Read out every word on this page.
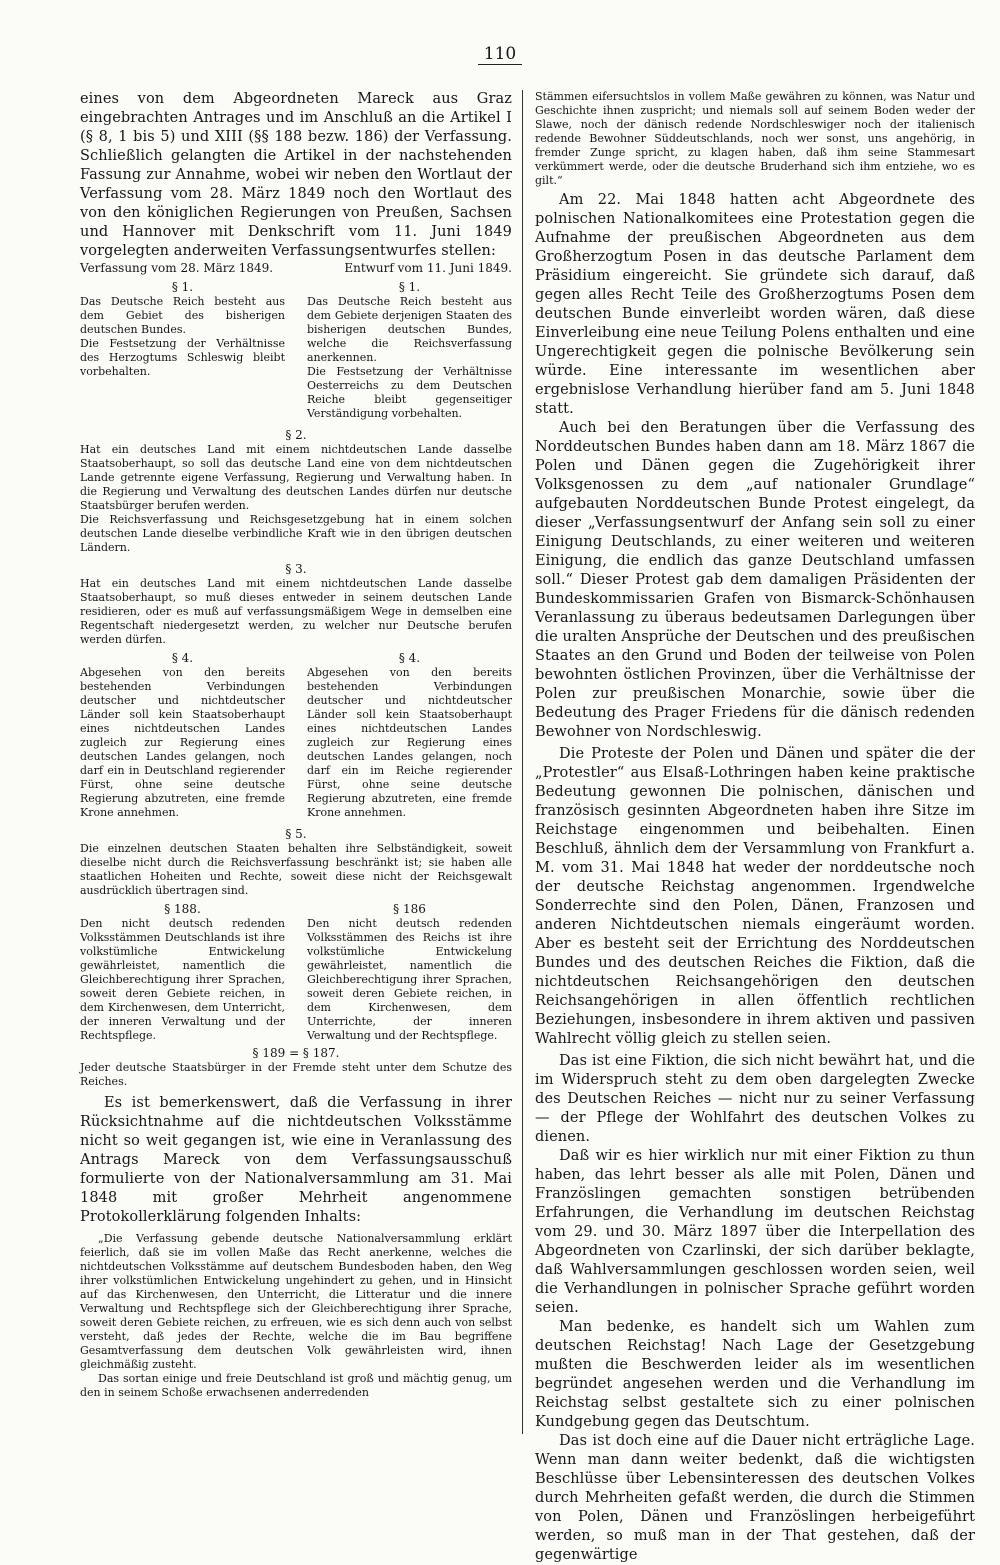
110

eines von dem Abgeordneten Mareck aus Graz eingebrachten Antrages und im Anschluß an die Artikel I (§ 8, 1 bis 5) und XIII (§§ 188 bezw. 186) der Verfassung. Schließlich gelangten die Artikel in der nachstehenden Fassung zur Annahme, wobei wir neben den Wortlaut der Verfassung vom 28. März 1849 noch den Wortlaut des von den königlichen Regierungen von Preußen, Sachsen und Hannover mit Denkschrift vom 11. Juni 1849 vorgelegten anderweiten Verfassungsentwurfes stellen:

Verfassung vom 28. März 1849.	Entwurf vom 11. Juni 1849.

§ 1.

Das Deutsche Reich besteht aus dem Gebiet des bisherigen deutschen Bundes.

Die Festsetzung der Verhältnisse des Herzogtums Schleswig bleibt vorbehalten.

§ 1.

Das Deutsche Reich besteht aus dem Gebiete derjenigen Staaten des bisherigen deutschen Bundes, welche die Reichsverfassung anerkennen.

Die Festsetzung der Verhältnisse Oesterreichs zu dem Deutschen Reiche bleibt gegenseitiger Verständigung vorbehalten.

§ 2.

Hat ein deutsches Land mit einem nichtdeutschen Lande dasselbe Staatsoberhaupt, so soll das deutsche Land eine von dem nichtdeutschen Lande getrennte eigene Verfassung, Regierung und Verwaltung haben. In die Regierung und Verwaltung des deutschen Landes dürfen nur deutsche Staatsbürger berufen werden.

Die Reichsverfassung und Reichsgesetzgebung hat in einem solchen deutschen Lande dieselbe verbindliche Kraft wie in den übrigen deutschen Ländern.

§ 3.

Hat ein deutsches Land mit einem nichtdeutschen Lande dasselbe Staatsoberhaupt, so muß dieses entweder in seinem deutschen Lande residieren, oder es muß auf verfassungsmäßigem Wege in demselben eine Regentschaft niedergesetzt werden, zu welcher nur Deutsche berufen werden dürfen.

§ 4.

Abgesehen von den bereits bestehenden Verbindungen deutscher und nichtdeutscher Länder soll kein Staatsoberhaupt eines nichtdeutschen Landes zugleich zur Regierung eines deutschen Landes gelangen, noch darf ein in Deutschland regierender Fürst, ohne seine deutsche Regierung abzutreten, eine fremde Krone annehmen.

§ 4.

Abgesehen von den bereits bestehenden Verbindungen deutscher und nichtdeutscher Länder soll kein Staatsoberhaupt eines nichtdeutschen Landes zugleich zur Regierung eines deutschen Landes gelangen, noch darf ein im Reiche regierender Fürst, ohne seine deutsche Regierung abzutreten, eine fremde Krone annehmen.

§ 5.

Die einzelnen deutschen Staaten behalten ihre Selbständigkeit, soweit dieselbe nicht durch die Reichsverfassung beschränkt ist; sie haben alle staatlichen Hoheiten und Rechte, soweit diese nicht der Reichsgewalt ausdrücklich übertragen sind.

§ 188.

Den nicht deutsch redenden Volksstämmen Deutschlands ist ihre volkstümliche Entwickelung gewährleistet, namentlich die Gleichberechtigung ihrer Sprachen, soweit deren Gebiete reichen, in dem Kirchenwesen, dem Unterricht, der inneren Verwaltung und der Rechtspflege.

§ 186

Den nicht deutsch redenden Volksstämmen des Reichs ist ihre volkstümliche Entwickelung gewährleistet, namentlich die Gleichberechtigung ihrer Sprachen, soweit deren Gebiete reichen, in dem Kirchenwesen, dem Unterrichte, der inneren Verwaltung und der Rechtspflege.

§ 189 = § 187.

Jeder deutsche Staatsbürger in der Fremde steht unter dem Schutze des Reiches.

Es ist bemerkenswert, daß die Verfassung in ihrer Rücksichtnahme auf die nichtdeutschen Volksstämme nicht so weit gegangen ist, wie eine in Veranlassung des Antrags Mareck von dem Verfassungsausschuß formulierte von der Nationalversammlung am 31. Mai 1848 mit großer Mehrheit angenommene Protokollerklärung folgenden Inhalts:

„Die Verfassung gebende deutsche Nationalversammlung erklärt feierlich, daß sie im vollen Maße das Recht anerkenne, welches die nichtdeutschen Volksstämme auf deutschem Bundesboden haben, den Weg ihrer volkstümlichen Entwickelung ungehindert zu gehen, und in Hinsicht auf das Kirchenwesen, den Unterricht, die Litteratur und die innere Verwaltung und Rechtspflege sich der Gleichberechtigung ihrer Sprache, soweit deren Gebiete reichen, zu erfreuen, wie es sich denn auch von selbst versteht, daß jedes der Rechte, welche die im Bau begriffene Gesamtverfassung dem deutschen Volk gewährleisten wird, ihnen gleichmäßig zusteht.

Das sortan einige und freie Deutschland ist groß und mächtig genug, um den in seinem Schoße erwachsenen anderredenden

Stämmen eifersuchtslos in vollem Maße gewähren zu können, was Natur und Geschichte ihnen zuspricht; und niemals soll auf seinem Boden weder der Slawe, noch der dänisch redende Nordschleswiger noch der italienisch redende Bewohner Süddeutschlands, noch wer sonst, uns angehörig, in fremder Zunge spricht, zu klagen haben, daß ihm seine Stammesart verkümmert werde, oder die deutsche Bruderhand sich ihm entziehe, wo es gilt.“

Am 22. Mai 1848 hatten acht Abgeordnete des polnischen Nationalkomitees eine Protestation gegen die Aufnahme der preußischen Abgeordneten aus dem Großherzogtum Posen in das deutsche Parlament dem Präsidium eingereicht. Sie gründete sich darauf, daß gegen alles Recht Teile des Großherzogtums Posen dem deutschen Bunde einverleibt worden wären, daß diese Einverleibung eine neue Teilung Polens enthalten und eine Ungerechtigkeit gegen die polnische Bevölkerung sein würde. Eine interessante im wesentlichen aber ergebnislose Verhandlung hierüber fand am 5. Juni 1848 statt.

Auch bei den Beratungen über die Verfassung des Norddeutschen Bundes haben dann am 18. März 1867 die Polen und Dänen gegen die Zugehörigkeit ihrer Volksgenossen zu dem „auf nationaler Grundlage“ aufgebauten Norddeutschen Bunde Protest eingelegt, da dieser „Verfassungsentwurf der Anfang sein soll zu einer Einigung Deutschlands, zu einer weiteren und weiteren Einigung, die endlich das ganze Deutschland umfassen soll.“ Dieser Protest gab dem damaligen Präsidenten der Bundeskommissarien Grafen von Bismarck-Schönhausen Veranlassung zu überaus bedeutsamen Darlegungen über die uralten Ansprüche der Deutschen und des preußischen Staates an den Grund und Boden der teilweise von Polen bewohnten östlichen Provinzen, über die Verhältnisse der Polen zur preußischen Monarchie, sowie über die Bedeutung des Prager Friedens für die dänisch redenden Bewohner von Nordschleswig.

Die Proteste der Polen und Dänen und später die der „Protestler“ aus Elsaß-Lothringen haben keine praktische Bedeutung gewonnen Die polnischen, dänischen und französisch gesinnten Abgeordneten haben ihre Sitze im Reichstage eingenommen und beibehalten. Einen Beschluß, ähnlich dem der Versammlung von Frankfurt a. M. vom 31. Mai 1848 hat weder der norddeutsche noch der deutsche Reichstag angenommen. Irgendwelche Sonderrechte sind den Polen, Dänen, Franzosen und anderen Nichtdeutschen niemals eingeräumt worden. Aber es besteht seit der Errichtung des Norddeutschen Bundes und des deutschen Reiches die Fiktion, daß die nichtdeutschen Reichsangehörigen den deutschen Reichsangehörigen in allen öffentlich rechtlichen Beziehungen, insbesondere in ihrem aktiven und passiven Wahlrecht völlig gleich zu stellen seien.

Das ist eine Fiktion, die sich nicht bewährt hat, und die im Widerspruch steht zu dem oben dargelegten Zwecke des Deutschen Reiches — nicht nur zu seiner Verfassung — der Pflege der Wohlfahrt des deutschen Volkes zu dienen.

Daß wir es hier wirklich nur mit einer Fiktion zu thun haben, das lehrt besser als alle mit Polen, Dänen und Französlingen gemachten sonstigen betrübenden Erfahrungen, die Verhandlung im deutschen Reichstag vom 29. und 30. März 1897 über die Interpellation des Abgeordneten von Czarlinski, der sich darüber beklagte, daß Wahlversammlungen geschlossen worden seien, weil die Verhandlungen in polnischer Sprache geführt worden seien.

Man bedenke, es handelt sich um Wahlen zum deutschen Reichstag! Nach Lage der Gesetzgebung mußten die Beschwerden leider als im wesentlichen begründet angesehen werden und die Verhandlung im Reichstag selbst gestaltete sich zu einer polnischen Kundgebung gegen das Deutschtum.

Das ist doch eine auf die Dauer nicht erträgliche Lage. Wenn man dann weiter bedenkt, daß die wichtigsten Beschlüsse über Lebensinteressen des deutschen Volkes durch Mehrheiten gefaßt werden, die durch die Stimmen von Polen, Dänen und Französlingen herbeigeführt werden, so muß man in der That gestehen, daß der gegenwärtige
